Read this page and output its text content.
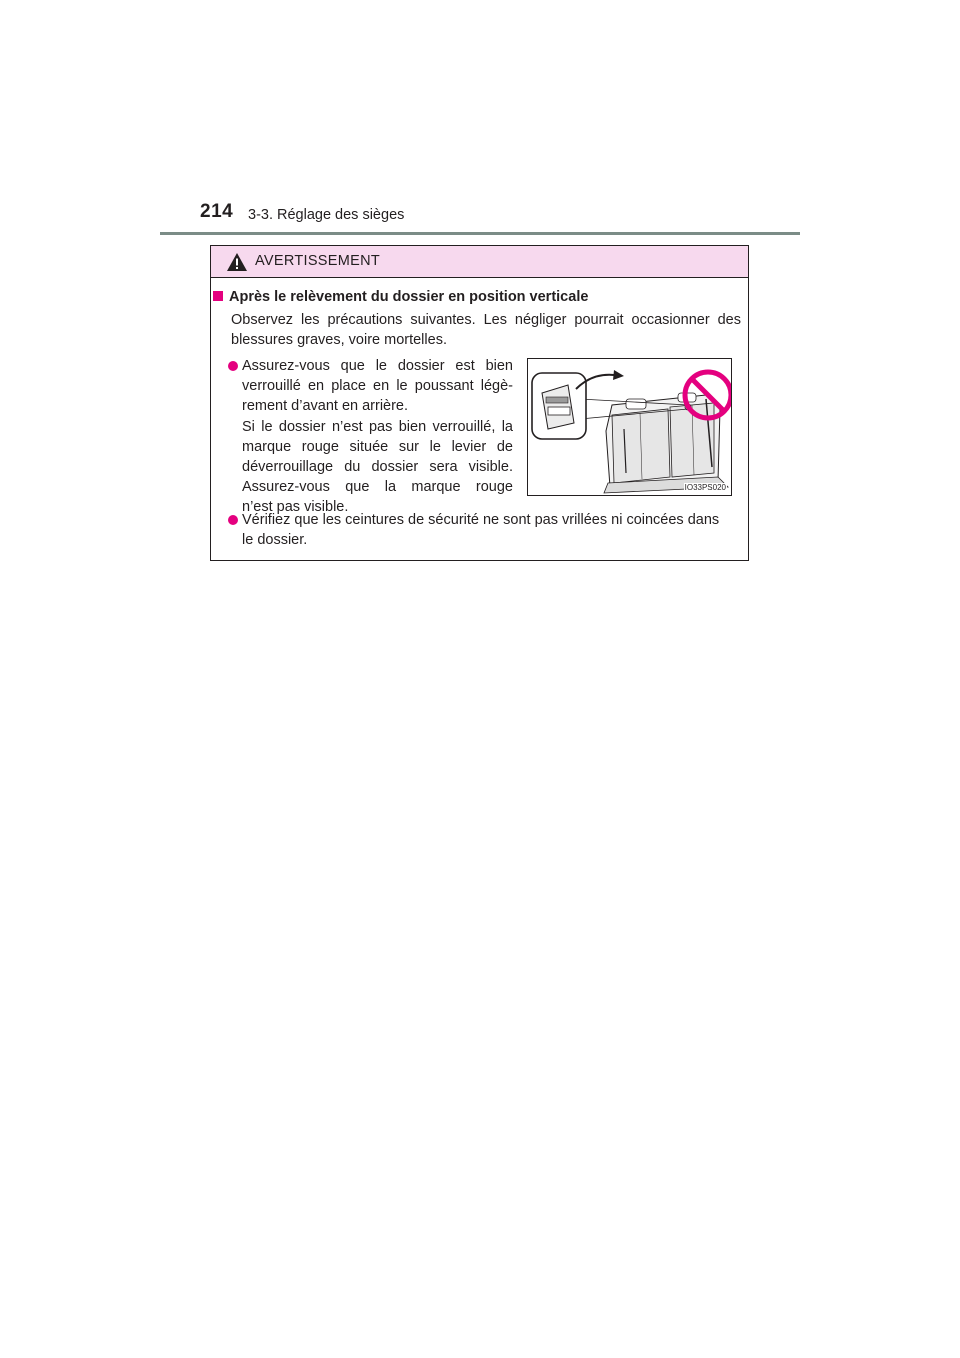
214 3-3. Réglage des sièges
AVERTISSEMENT
Après le relèvement du dossier en position verticale
Observez les précautions suivantes. Les négliger pourrait occasionner des
blessures graves, voire mortelles.
Assurez-vous que le dossier est bien
verrouillé en place en le poussant légè-
rement d’avant en arrière.
Si le dossier n’est pas bien verrouillé, la
marque rouge située sur le levier de
déverrouillage du dossier sera visible.
Assurez-vous que la marque rouge
n’est pas visible.
IO33PS020
Vérifiez que les ceintures de sécurité ne sont pas vrillées ni coincées dans
le dossier.
